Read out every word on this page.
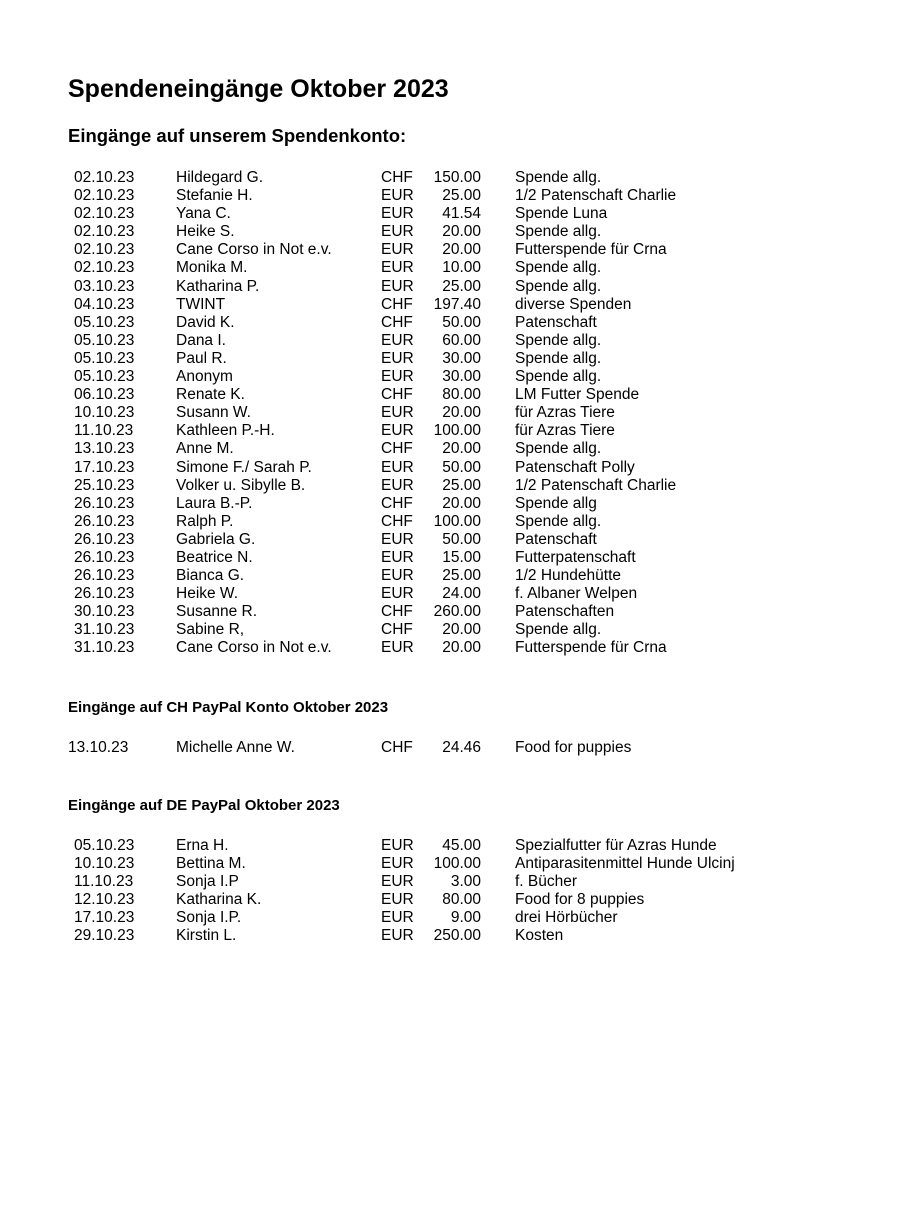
Spendeneingänge Oktober 2023
Eingänge auf unserem Spendenkonto:
02.10.23	Hildegard G.	CHF 150.00 Spende allg.
02.10.23	Stefanie H.	EUR 25.00 1/2 Patenschaft Charlie
02.10.23	Yana C.	EUR 41.54 Spende Luna
02.10.23	Heike S.	EUR 20.00 Spende allg.
02.10.23	Cane Corso in Not e.v.	EUR 20.00 Futterspende für Crna
02.10.23	Monika M.	EUR 10.00 Spende allg.
03.10.23	Katharina P.	EUR 25.00 Spende allg.
04.10.23	TWINT	CHF 197.40 diverse Spenden
05.10.23	David K.	CHF 50.00 Patenschaft
05.10.23	Dana I.	EUR 60.00 Spende allg.
05.10.23	Paul R.	EUR 30.00 Spende allg.
05.10.23	Anonym	EUR 30.00 Spende allg.
06.10.23	Renate K.	CHF 80.00 LM Futter Spende
10.10.23	Susann W.	EUR 20.00 für Azras Tiere
11.10.23	Kathleen P.-H.	EUR 100.00 für Azras Tiere
13.10.23	Anne M.	CHF 20.00 Spende allg.
17.10.23	Simone F./ Sarah P.	EUR 50.00 Patenschaft Polly
25.10.23	Volker u. Sibylle B.	EUR 25.00 1/2 Patenschaft Charlie
26.10.23	Laura B.-P.	CHF 20.00 Spende allg
26.10.23	Ralph P.	CHF 100.00 Spende allg.
26.10.23	Gabriela G.	EUR 50.00 Patenschaft
26.10.23	Beatrice N.	EUR 15.00 Futterpatenschaft
26.10.23	Bianca G.	EUR 25.00 1/2 Hundehütte
26.10.23	Heike W.	EUR 24.00 f. Albaner Welpen
30.10.23	Susanne R.	CHF 260.00 Patenschaften
31.10.23	Sabine R,	CHF 20.00 Spende allg.
31.10.23	Cane Corso in Not e.v.	EUR 20.00 Futterspende für Crna
Eingänge auf CH PayPal Konto Oktober 2023
13.10.23	Michelle Anne W.	CHF 24.46 Food for puppies
Eingänge auf DE PayPal Oktober 2023
05.10.23	Erna H.	EUR 45.00 Spezialfutter für Azras Hunde
10.10.23	Bettina M.	EUR 100.00 Antiparasitenmittel Hunde Ulcinj
11.10.23	Sonja I.P	EUR 3.00 f. Bücher
12.10.23	Katharina K.	EUR 80.00 Food for 8 puppies
17.10.23	Sonja I.P.	EUR 9.00 drei Hörbücher
29.10.23	Kirstin L.	EUR 250.00 Kosten
